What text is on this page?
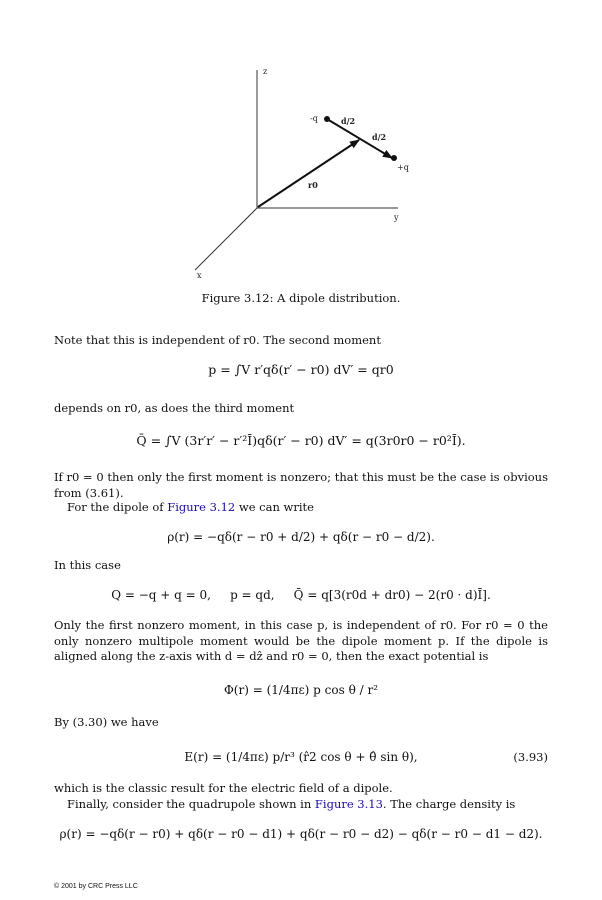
z
y
x
-q
+q
d/2
d/2
r0
Figure 3.12: A dipole distribution.
Note that this is independent of r0. The second moment
p = ∫V r′qδ(r′ − r0) dV′ = qr0
depends on r0, as does the third moment
Q̄ = ∫V (3r′r′ − r′²Ī)qδ(r′ − r0) dV′ = q(3r0r0 − r0²Ī).
If r0 = 0 then only the first moment is nonzero; that this must be the case is obvious from (3.61).
For the dipole of Figure 3.12 we can write
ρ(r) = −qδ(r − r0 + d/2) + qδ(r − r0 − d/2).
In this case
Q = −q + q = 0,     p = qd,     Q̄ = q[3(r0d + dr0) − 2(r0 · d)Ī].
Only the first nonzero moment, in this case p, is independent of r0. For r0 = 0 the only nonzero multipole moment would be the dipole moment p. If the dipole is aligned along the z-axis with d = dẑ and r0 = 0, then the exact potential is
Φ(r) = (1/4πε) p cos θ / r²
By (3.30) we have
E(r) = (1/4πε) p/r³ (r̂2 cos θ + θ̂ sin θ),	(3.93)
which is the classic result for the electric field of a dipole.
Finally, consider the quadrupole shown in Figure 3.13. The charge density is
ρ(r) = −qδ(r − r0) + qδ(r − r0 − d1) + qδ(r − r0 − d2) − qδ(r − r0 − d1 − d2).
© 2001 by CRC Press LLC
